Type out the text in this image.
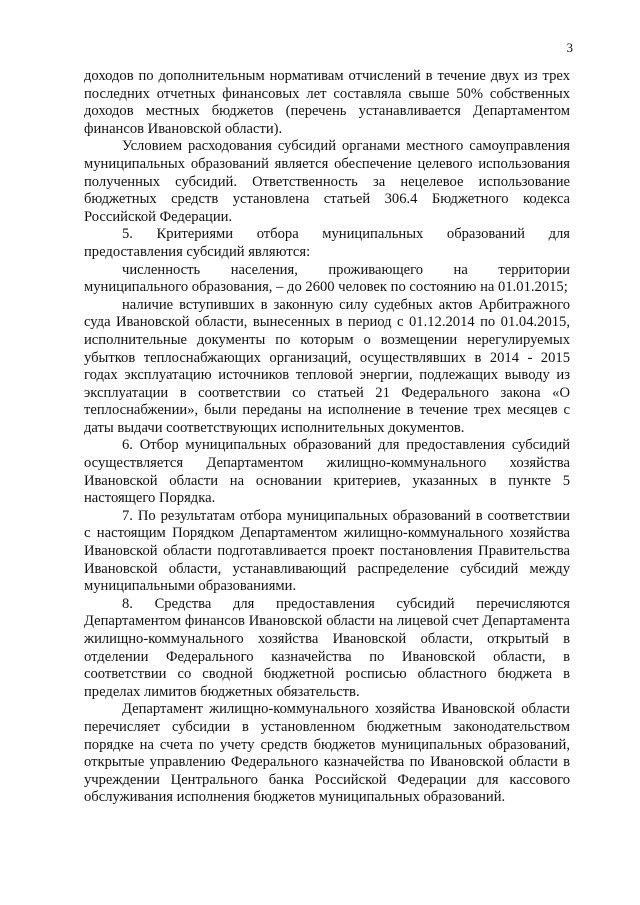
3

доходов по дополнительным нормативам отчислений в течение двух из трех последних отчетных финансовых лет составляла свыше 50% собственных доходов местных бюджетов (перечень устанавливается Департаментом финансов Ивановской области).

Условием расходования субсидий органами местного самоуправления муниципальных образований является обеспечение целевого использования полученных субсидий. Ответственность за нецелевое использование бюджетных средств установлена статьей 306.4 Бюджетного кодекса Российской Федерации.

5. Критериями отбора муниципальных образований для предоставления субсидий являются:

численность населения, проживающего на территории муниципального образования, – до 2600 человек по состоянию на 01.01.2015;

наличие вступивших в законную силу судебных актов Арбитражного суда Ивановской области, вынесенных в период с 01.12.2014 по 01.04.2015, исполнительные документы по которым о возмещении нерегулируемых убытков теплоснабжающих организаций, осуществлявших в 2014 - 2015 годах эксплуатацию источников тепловой энергии, подлежащих выводу из эксплуатации в соответствии со статьей 21 Федерального закона «О теплоснабжении», были переданы на исполнение в течение трех месяцев с даты выдачи соответствующих исполнительных документов.

6. Отбор муниципальных образований для предоставления субсидий осуществляется Департаментом жилищно-коммунального хозяйства Ивановской области на основании критериев, указанных в пункте 5 настоящего Порядка.

7. По результатам отбора муниципальных образований в соответствии с настоящим Порядком Департаментом жилищно-коммунального хозяйства Ивановской области подготавливается проект постановления Правительства Ивановской области, устанавливающий распределение субсидий между муниципальными образованиями.

8. Средства для предоставления субсидий перечисляются Департаментом финансов Ивановской области на лицевой счет Департамента жилищно-коммунального хозяйства Ивановской области, открытый в отделении Федерального казначейства по Ивановской области, в соответствии со сводной бюджетной росписью областного бюджета в пределах лимитов бюджетных обязательств.

Департамент жилищно-коммунального хозяйства Ивановской области перечисляет субсидии в установленном бюджетным законодательством порядке на счета по учету средств бюджетов муниципальных образований, открытые управлению Федерального казначейства по Ивановской области в учреждении Центрального банка Российской Федерации для кассового обслуживания исполнения бюджетов муниципальных образований.
